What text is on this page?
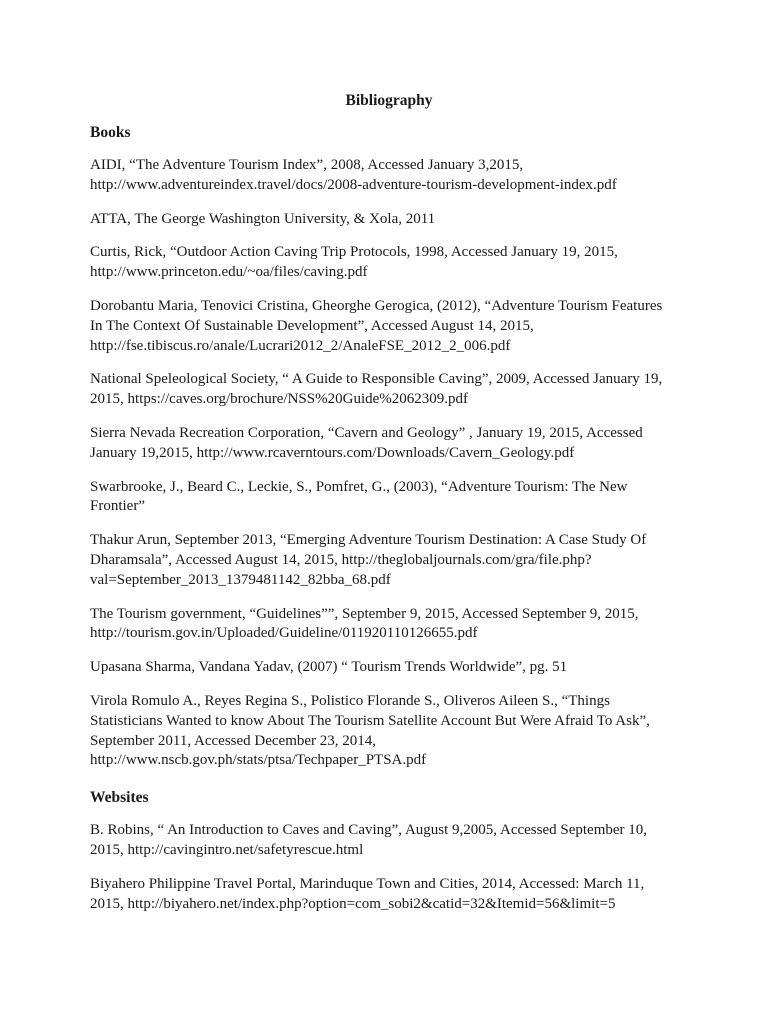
Bibliography
Books

AIDI, “The Adventure Tourism Index”, 2008, Accessed January 3,2015,

http://www.adventureindex.travel/docs/2008-adventure-tourism-development-index.pdf

ATTA, The George Washington University, & Xola, 2011

Curtis, Rick, “Outdoor Action Caving Trip Protocols, 1998, Accessed January 19, 2015,

http://www.princeton.edu/~oa/files/caving.pdf

Dorobantu Maria, Tenovici Cristina, Gheorghe Gerogica, (2012), “Adventure Tourism Features

In The Context Of Sustainable Development”, Accessed August 14, 2015,

http://fse.tibiscus.ro/anale/Lucrari2012_2/AnaleFSE_2012_2_006.pdf

National Speleological Society, “ A Guide to Responsible Caving”, 2009, Accessed January 19,

2015, https://caves.org/brochure/NSS%20Guide%2062309.pdf

Sierra Nevada Recreation Corporation, “Cavern and Geology” , January 19, 2015, Accessed

January 19,2015, http://www.rcaverntours.com/Downloads/Cavern_Geology.pdf

Swarbrooke, J., Beard C., Leckie, S., Pomfret, G., (2003), “Adventure Tourism: The New

Frontier”

Thakur Arun, September 2013, “Emerging Adventure Tourism Destination: A Case Study Of

Dharamsala”, Accessed August 14, 2015, http://theglobaljournals.com/gra/file.php?

val=September_2013_1379481142_82bba_68.pdf

The Tourism government, “Guidelines””, September 9, 2015, Accessed September 9, 2015,

http://tourism.gov.in/Uploaded/Guideline/011920110126655.pdf

Upasana Sharma, Vandana Yadav, (2007) “ Tourism Trends Worldwide”, pg. 51

Virola Romulo A., Reyes Regina S., Polistico Florande S., Oliveros Aileen S., “Things

Statisticians Wanted to know About The Tourism Satellite Account But Were Afraid To Ask”,

September 2011, Accessed December 23, 2014,

http://www.nscb.gov.ph/stats/ptsa/Techpaper_PTSA.pdf

Websites

B. Robins, “ An Introduction to Caves and Caving”, August 9,2005, Accessed September 10,

2015, http://cavingintro.net/safetyrescue.html

Biyahero Philippine Travel Portal, Marinduque Town and Cities, 2014, Accessed: March 11,

2015, http://biyahero.net/index.php?option=com_sobi2&catid=32&Itemid=56&limit=5
